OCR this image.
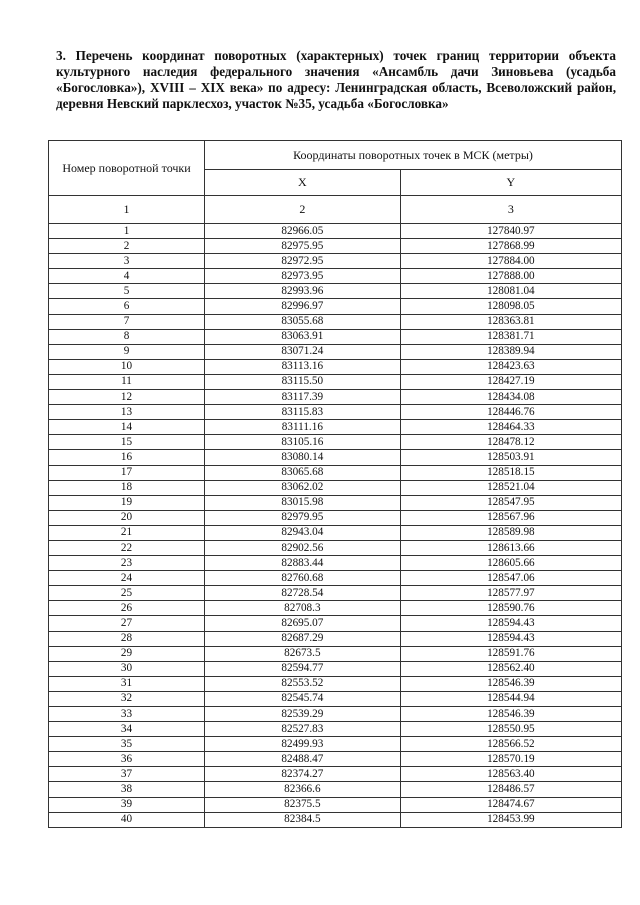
3. Перечень координат поворотных (характерных) точек границ территории объекта культурного наследия федерального значения «Ансамбль дачи Зиновьева (усадьба «Богословка»), XVIII – XIX века» по адресу: Ленинградская область, Всеволожский район, деревня Невский парклесхоз, участок №35, усадьба «Богословка»
Номер поворотной точки	Координаты поворотных точек в МСК (метры)	
	X	Y
1	2	3
1	82966.05	127840.97
2	82975.95	127868.99
3	82972.95	127884.00
4	82973.95	127888.00
5	82993.96	128081.04
6	82996.97	128098.05
7	83055.68	128363.81
8	83063.91	128381.71
9	83071.24	128389.94
10	83113.16	128423.63
11	83115.50	128427.19
12	83117.39	128434.08
13	83115.83	128446.76
14	83111.16	128464.33
15	83105.16	128478.12
16	83080.14	128503.91
17	83065.68	128518.15
18	83062.02	128521.04
19	83015.98	128547.95
20	82979.95	128567.96
21	82943.04	128589.98
22	82902.56	128613.66
23	82883.44	128605.66
24	82760.68	128547.06
25	82728.54	128577.97
26	82708.3	128590.76
27	82695.07	128594.43
28	82687.29	128594.43
29	82673.5	128591.76
30	82594.77	128562.40
31	82553.52	128546.39
32	82545.74	128544.94
33	82539.29	128546.39
34	82527.83	128550.95
35	82499.93	128566.52
36	82488.47	128570.19
37	82374.27	128563.40
38	82366.6	128486.57
39	82375.5	128474.67
40	82384.5	128453.99
